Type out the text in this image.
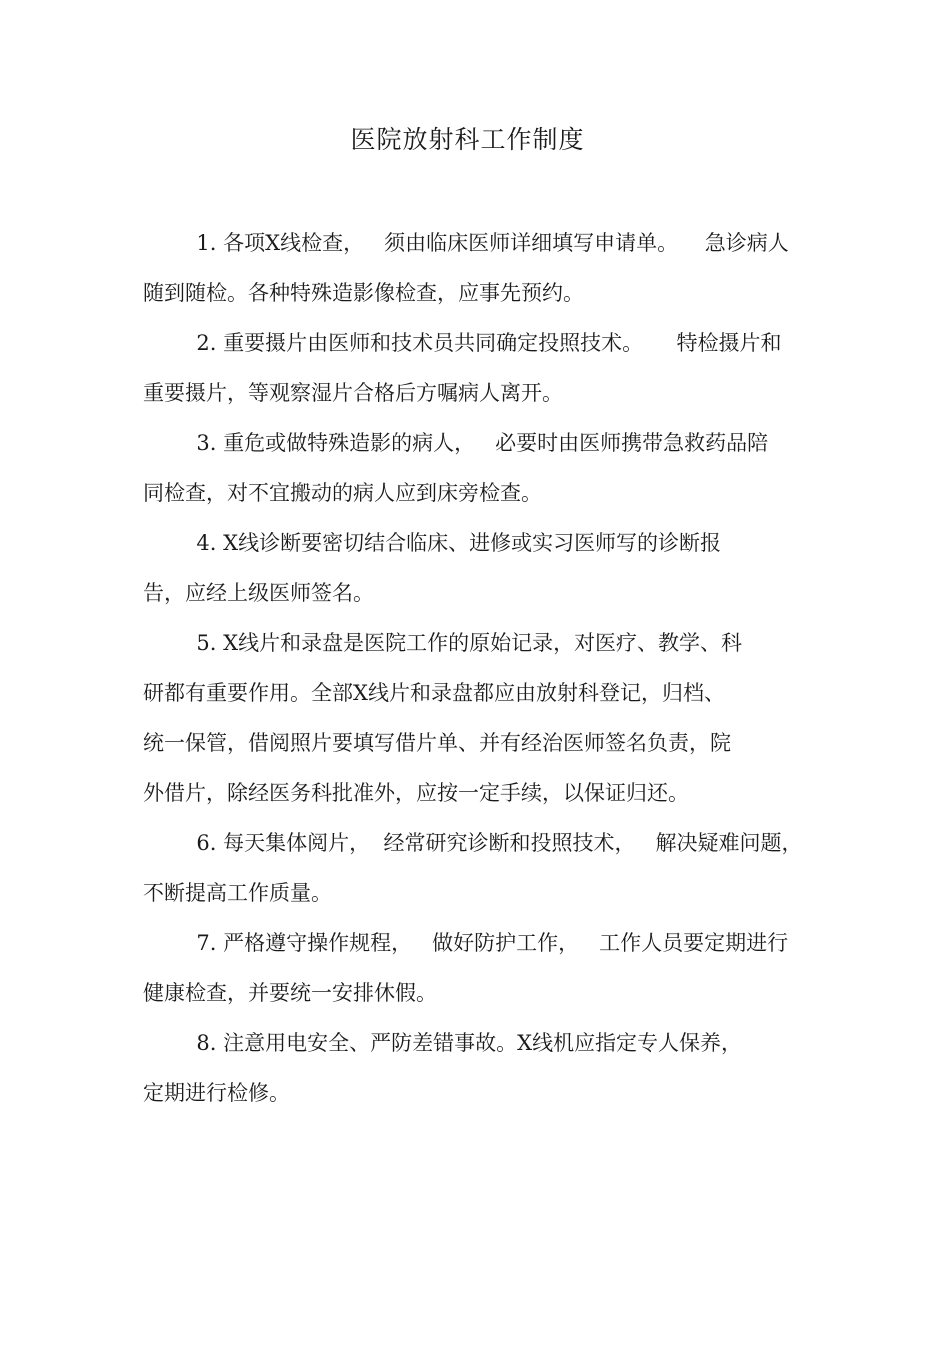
医院放射科工作制度

1. 各项X线检查，   须由临床医师详细填写申请单。    急诊病人

随到随检。各种特殊造影像检查，应事先预约。

2. 重要摄片由医师和技术员共同确定投照技术。     特检摄片和

重要摄片，等观察湿片合格后方嘱病人离开。

3. 重危或做特殊造影的病人，   必要时由医师携带急救药品陪

同检查，对不宜搬动的病人应到床旁检查。

4. X线诊断要密切结合临床、进修或实习医师写的诊断报

告，应经上级医师签名。

5. X线片和录盘是医院工作的原始记录，对医疗、教学、科

研都有重要作用。全部X线片和录盘都应由放射科登记，归档、

统一保管，借阅照片要填写借片单、并有经治医师签名负责，院

外借片，除经医务科批准外，应按一定手续，以保证归还。

6. 每天集体阅片，  经常研究诊断和投照技术，   解决疑难问题，

不断提高工作质量。

7. 严格遵守操作规程，   做好防护工作，   工作人员要定期进行

健康检查，并要统一安排休假。

8. 注意用电安全、严防差错事故。X线机应指定专人保养，

定期进行检修。
